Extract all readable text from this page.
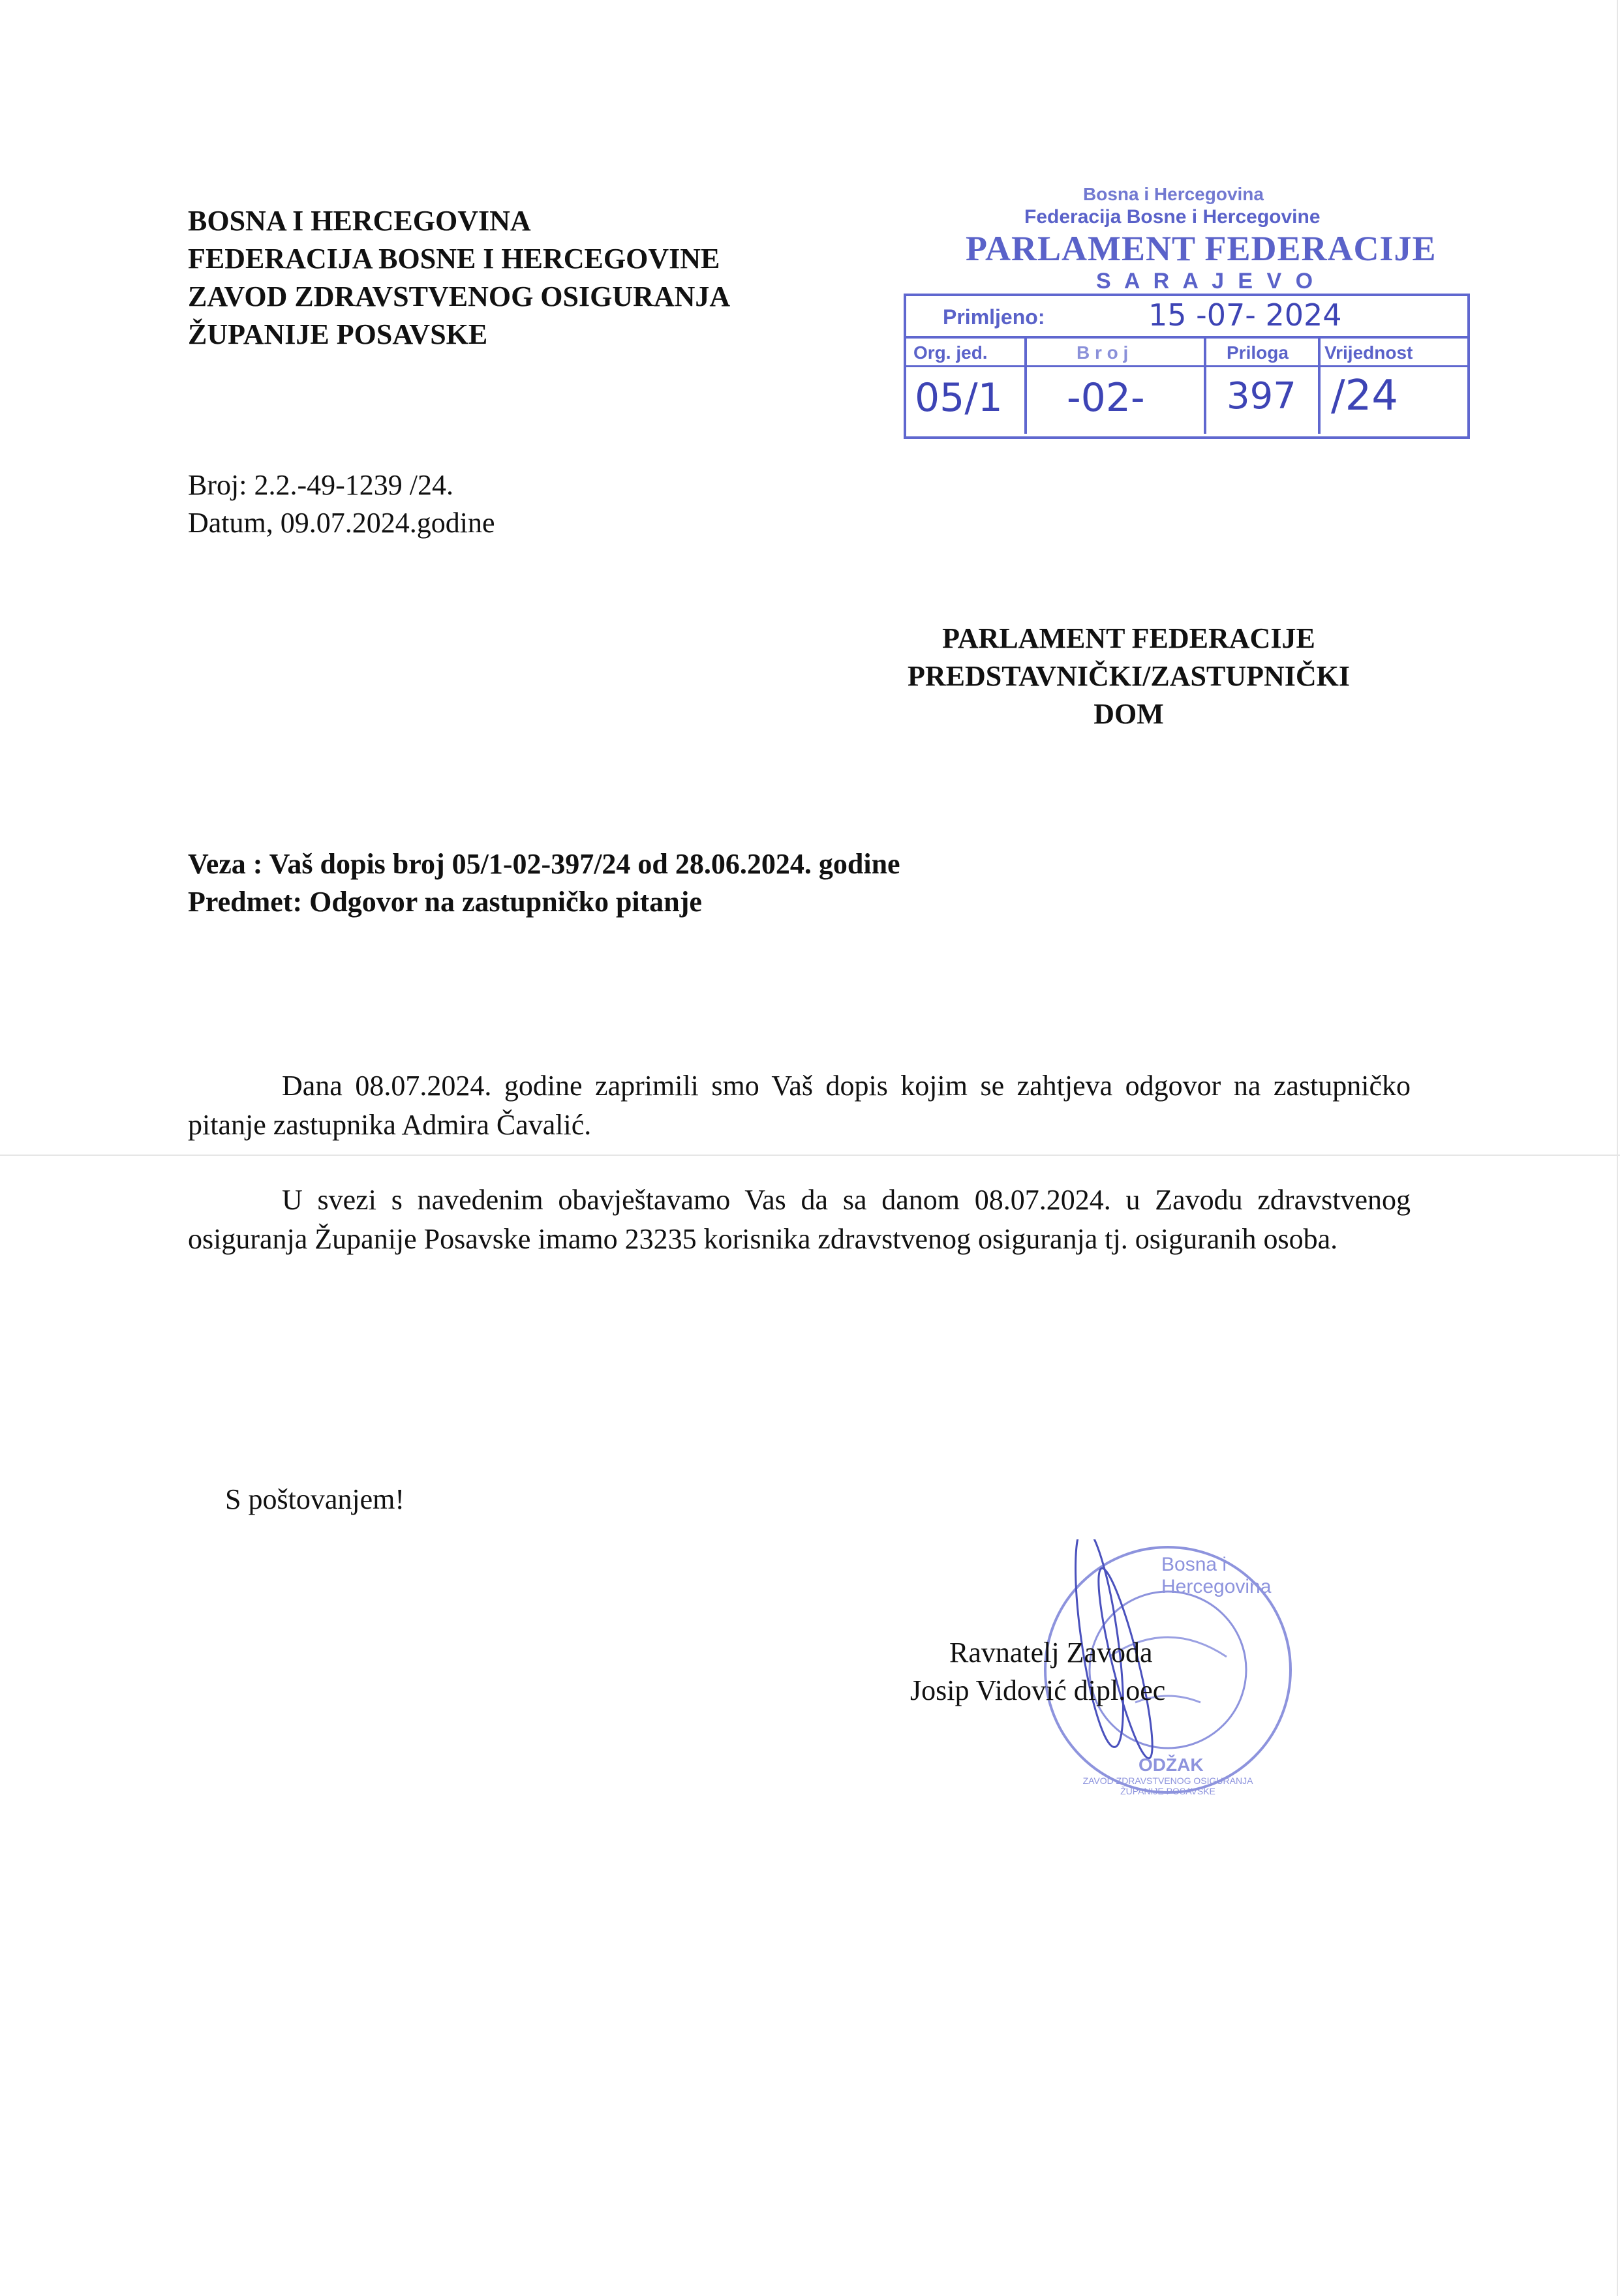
BOSNA I HERCEGOVINA

FEDERACIJA BOSNE I HERCEGOVINE

ZAVOD ZDRAVSTVENOG OSIGURANJA

ŽUPANIJE POSAVSKE

Bosna i Hercegovina
Federacija Bosne i Hercegovine
PARLAMENT FEDERACIJE
S A R A J E V O
Primljeno:	15 -07- 2024
Org. jed.	B r o j	Priloga Vrijednost
05/1 -02- 397 /24

Broj: 2.2.-49-1239 /24.

Datum, 09.07.2024.godine

PARLAMENT FEDERACIJE

PREDSTAVNIČKI/ZASTUPNIČKI

DOM

Veza : Vaš dopis broj 05/1-02-397/24 od 28.06.2024. godine

Predmet: Odgovor na zastupničko pitanje

Dana 08.07.2024. godine zaprimili smo Vaš dopis kojim se zahtjeva odgovor na zastupničko pitanje zastupnika Admira Čavalić.

U svezi s navedenim obavještavamo Vas da sa danom 08.07.2024. u Zavodu zdravstvenog osiguranja Županije Posavske imamo 23235 korisnika zdravstvenog osiguranja tj. osiguranih osoba.

S poštovanjem!

Bosna i Hercegovina
ODŽAK
ZAVOD ZDRAVSTVENOG OSIGURANJA ŽUPANIJE POSAVSKE

Ravnatelj Zavoda

Josip Vidović dipl.oec
